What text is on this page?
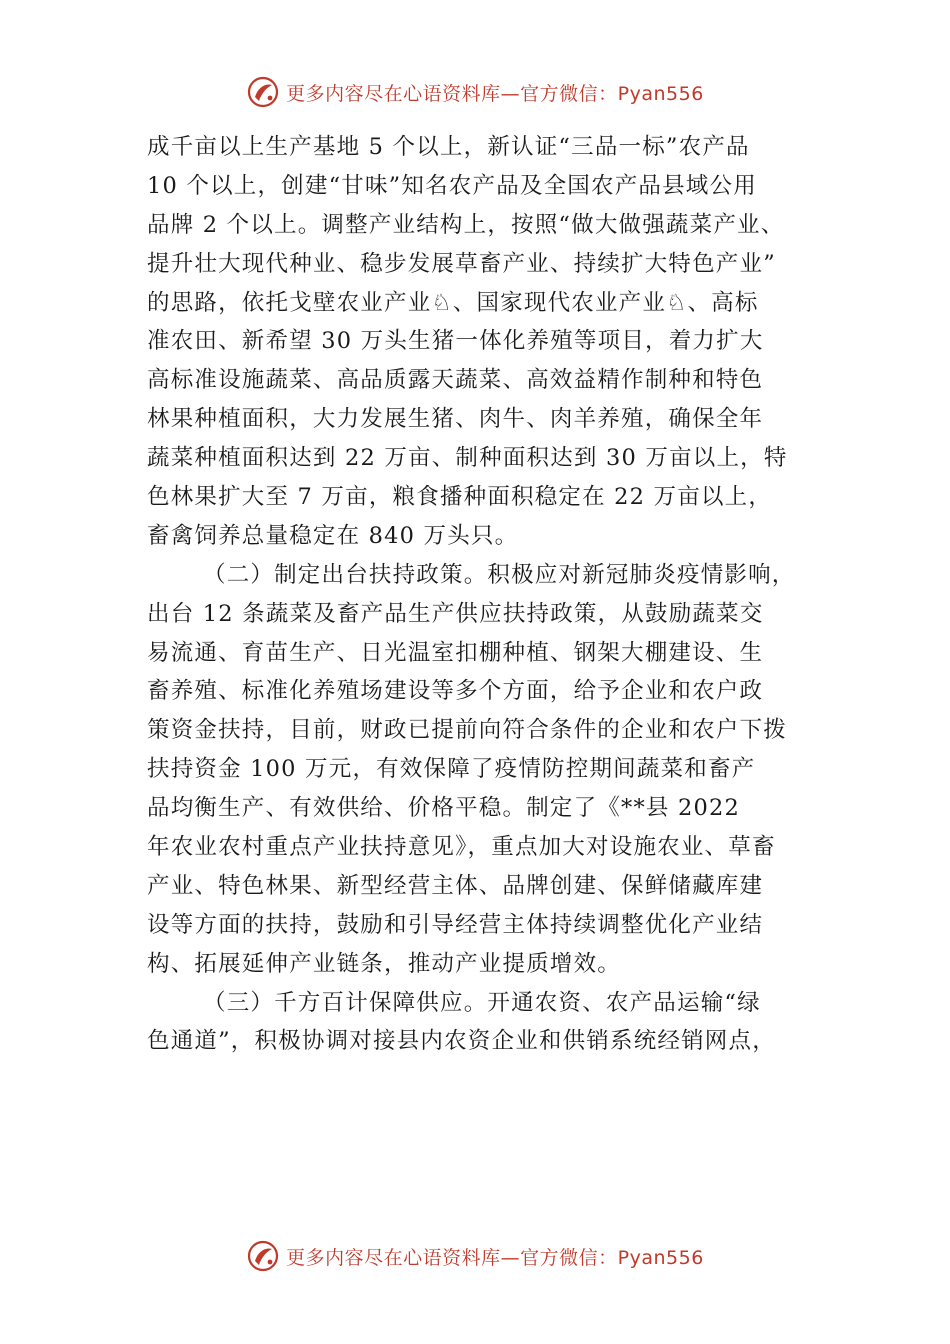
更多内容尽在心语资料库—官方微信：Pyan556
成千亩以上生产基地 5 个以上，新认证“三品一标”农产品
10 个以上，创建“甘味”知名农产品及全国农产品县域公用
品牌 2 个以上。调整产业结构上，按照“做大做强蔬菜产业、
提升壮大现代种业、稳步发展草畜产业、持续扩大特色产业”
的思路，依托戈壁农业产业♘、国家现代农业产业♘、高标
准农田、新希望 30 万头生猪一体化养殖等项目，着力扩大
高标准设施蔬菜、高品质露天蔬菜、高效益精作制种和特色
林果种植面积，大力发展生猪、肉牛、肉羊养殖，确保全年
蔬菜种植面积达到 22 万亩、制种面积达到 30 万亩以上，特
色林果扩大至 7 万亩，粮食播种面积稳定在 22 万亩以上，
畜禽饲养总量稳定在 840 万头只。
（二）制定出台扶持政策。积极应对新冠肺炎疫情影响，
出台 12 条蔬菜及畜产品生产供应扶持政策，从鼓励蔬菜交
易流通、育苗生产、日光温室扣棚种植、钢架大棚建设、生
畜养殖、标准化养殖场建设等多个方面，给予企业和农户政
策资金扶持，目前，财政已提前向符合条件的企业和农户下拨
扶持资金 100 万元，有效保障了疫情防控期间蔬菜和畜产
品均衡生产、有效供给、价格平稳。制定了《**县 2022
年农业农村重点产业扶持意见》，重点加大对设施农业、草畜
产业、特色林果、新型经营主体、品牌创建、保鲜储藏库建
设等方面的扶持，鼓励和引导经营主体持续调整优化产业结
构、拓展延伸产业链条，推动产业提质增效。
（三）千方百计保障供应。开通农资、农产品运输“绿
色通道”，积极协调对接县内农资企业和供销系统经销网点，
更多内容尽在心语资料库—官方微信：Pyan556
